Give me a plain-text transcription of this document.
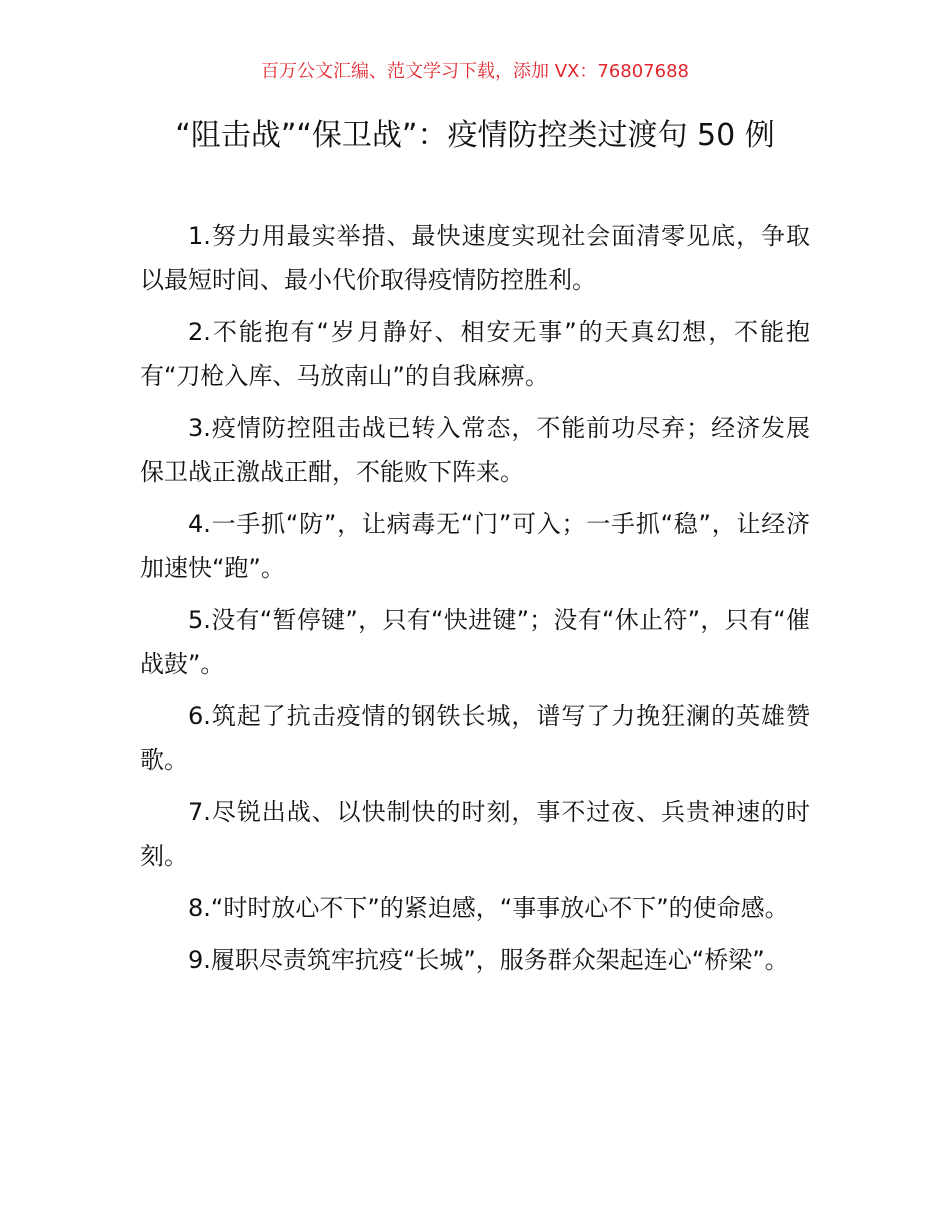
百万公文汇编、范文学习下载，添加 VX：76807688
“阻击战”“保卫战”：疫情防控类过渡句 50 例

1.努力用最实举措、最快速度实现社会面清零见底，争取以最短时间、最小代价取得疫情防控胜利。

2.不能抱有“岁月静好、相安无事”的天真幻想，不能抱有“刀枪入库、马放南山”的自我麻痹。

3.疫情防控阻击战已转入常态，不能前功尽弃；经济发展保卫战正激战正酣，不能败下阵来。

4.一手抓“防”，让病毒无“门”可入；一手抓“稳”，让经济加速快“跑”。

5.没有“暂停键”，只有“快进键”；没有“休止符”，只有“催战鼓”。

6.筑起了抗击疫情的钢铁长城，谱写了力挽狂澜的英雄赞歌。

7.尽锐出战、以快制快的时刻，事不过夜、兵贵神速的时刻。

8.“时时放心不下”的紧迫感，“事事放心不下”的使命感。

9.履职尽责筑牢抗疫“长城”，服务群众架起连心“桥梁”。
